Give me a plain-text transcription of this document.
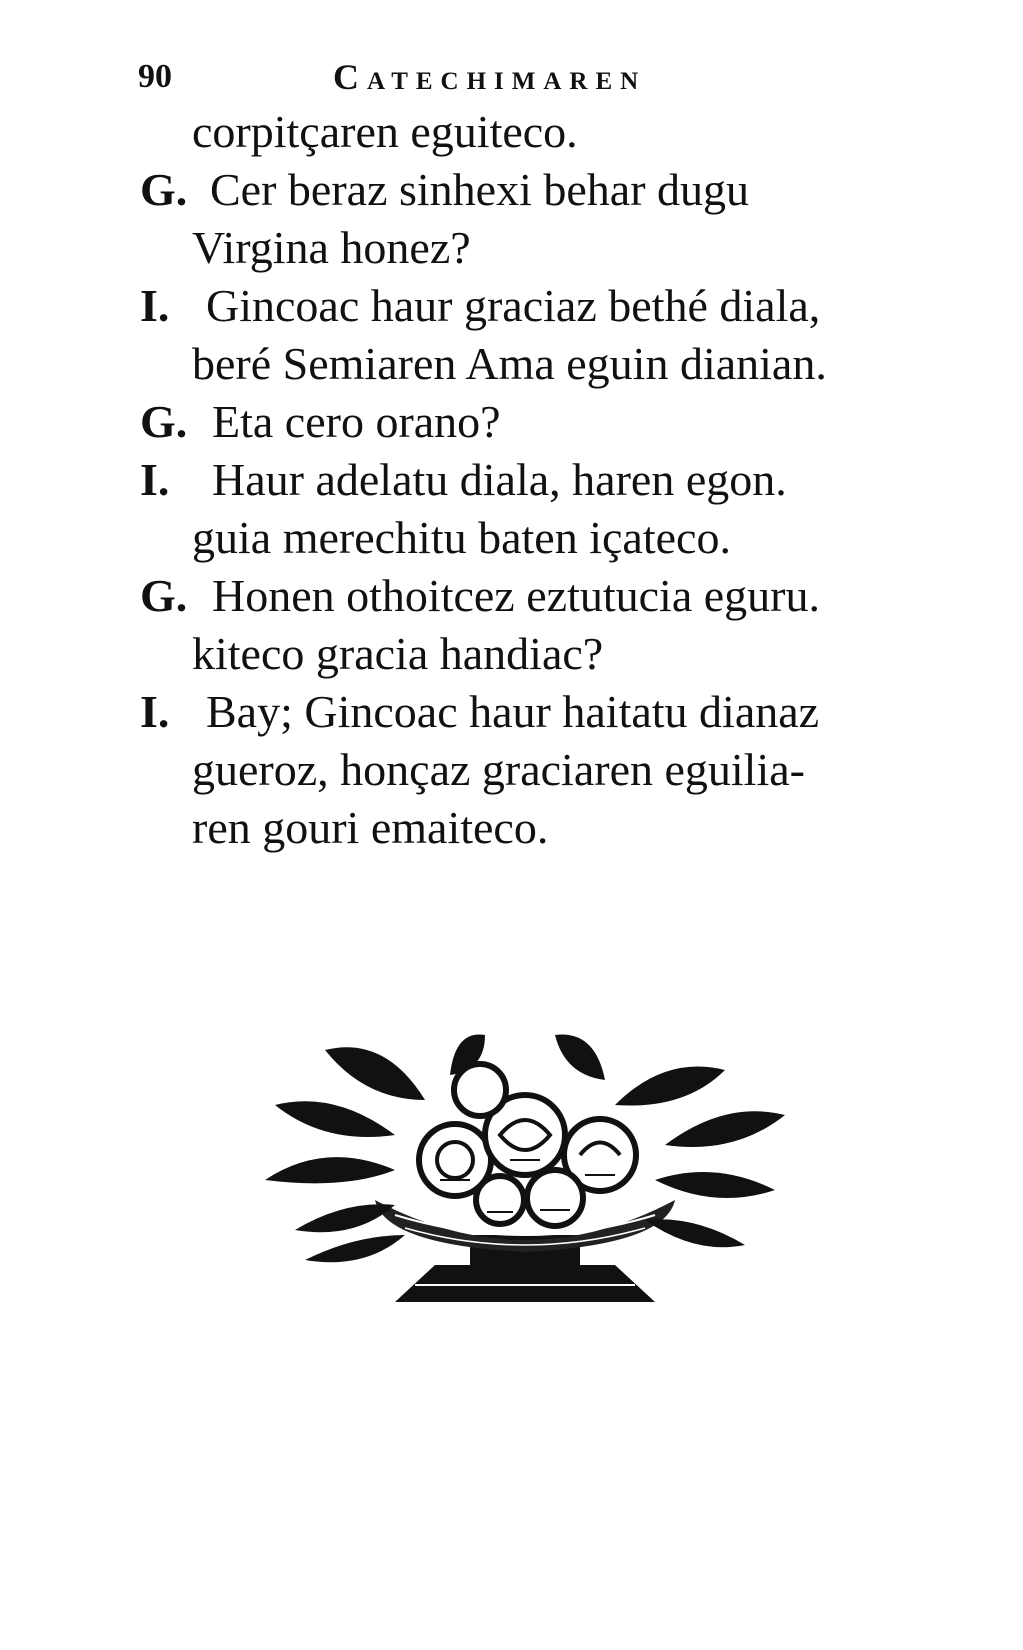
90	Catechimaren
corpitçaren eguiteco.
G. Cer beraz sinhexi behar dugu
Virgina honez?
I. Gincoac haur graciaz bethé diala,
beré Semiaren Ama eguin dianian.
G. Eta cero orano?
I. Haur adelatu diala, haren egon.
guia merechitu baten içateco.
G. Honen othoitcez eztutucia eguru.
kiteco gracia handiac?
I. Bay; Gincoac haur haitatu dianaz
gueroz, honçaz graciaren eguilia-
ren gouri emaiteco.
